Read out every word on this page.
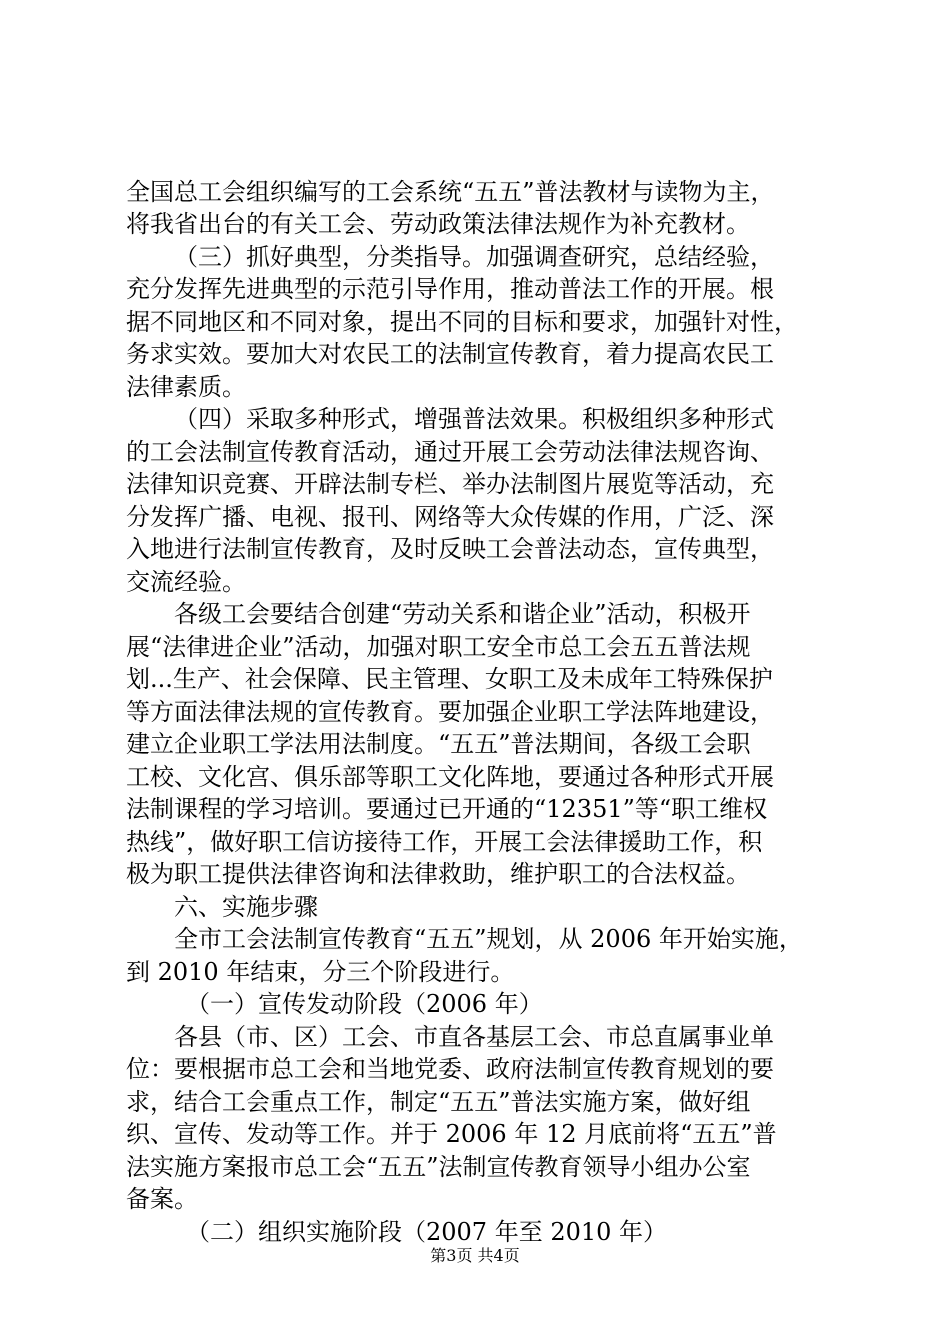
全国总工会组织编写的工会系统“五五”普法教材与读物为主，

将我省出台的有关工会、劳动政策法律法规作为补充教材。

（三）抓好典型，分类指导。加强调查研究，总结经验，

充分发挥先进典型的示范引导作用，推动普法工作的开展。根

据不同地区和不同对象，提出不同的目标和要求，加强针对性，

务求实效。要加大对农民工的法制宣传教育，着力提高农民工

法律素质。

（四）采取多种形式，增强普法效果。积极组织多种形式

的工会法制宣传教育活动，通过开展工会劳动法律法规咨询、

法律知识竞赛、开辟法制专栏、举办法制图片展览等活动，充

分发挥广播、电视、报刊、网络等大众传媒的作用，广泛、深

入地进行法制宣传教育，及时反映工会普法动态，宣传典型，

交流经验。

各级工会要结合创建“劳动关系和谐企业”活动，积极开

展“法律进企业”活动，加强对职工安全市总工会五五普法规

划...生产、社会保障、民主管理、女职工及未成年工特殊保护

等方面法律法规的宣传教育。要加强企业职工学法阵地建设，

建立企业职工学法用法制度。“五五”普法期间，各级工会职

工校、文化宫、俱乐部等职工文化阵地，要通过各种形式开展

法制课程的学习培训。要通过已开通的“12351”等“职工维权

热线”，做好职工信访接待工作，开展工会法律援助工作，积

极为职工提供法律咨询和法律救助，维护职工的合法权益。

六、实施步骤

全市工会法制宣传教育“五五”规划，从 2006 年开始实施，

到 2010 年结束，分三个阶段进行。

（一）宣传发动阶段（2006 年）

各县（市、区）工会、市直各基层工会、市总直属事业单

位：要根据市总工会和当地党委、政府法制宣传教育规划的要

求，结合工会重点工作，制定“五五”普法实施方案，做好组

织、宣传、发动等工作。并于 2006 年 12 月底前将“五五”普

法实施方案报市总工会“五五”法制宣传教育领导小组办公室

备案。

（二）组织实施阶段（2007 年至 2010 年）

第3页 共4页
